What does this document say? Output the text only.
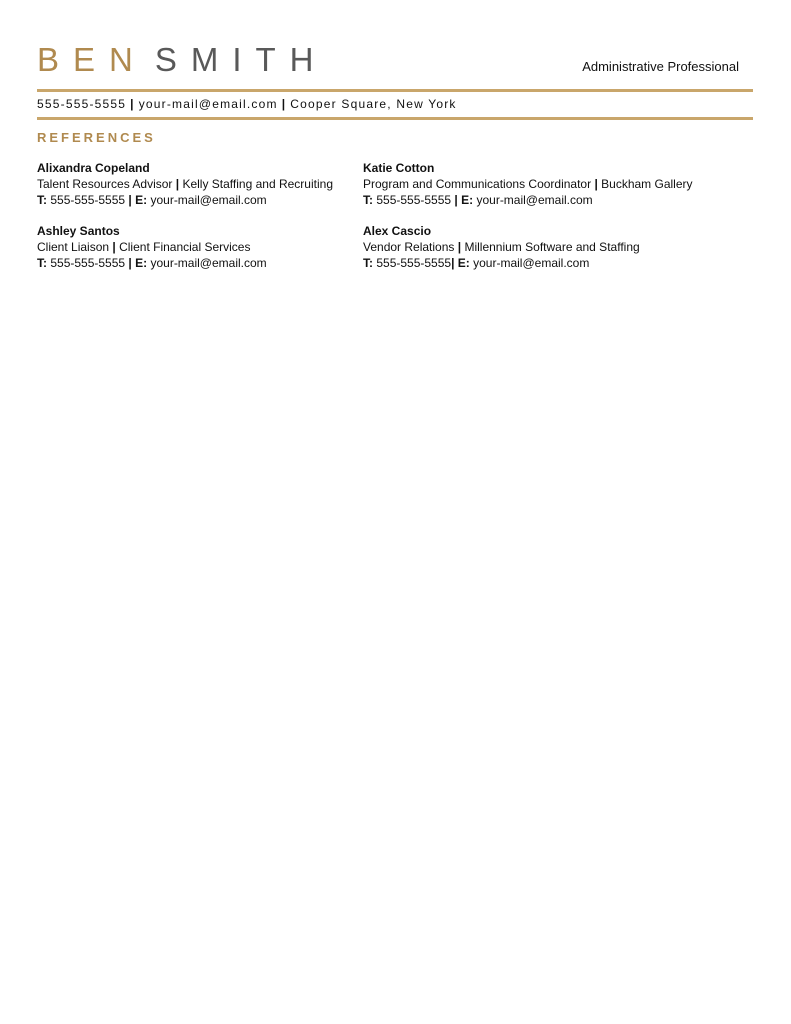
BEN SMITH	Administrative Professional
555-555-5555 | your-mail@email.com | Cooper Square, New York
REFERENCES
Alixandra Copeland
Talent Resources Advisor | Kelly Staffing and Recruiting
T: 555-555-5555 | E: your-mail@email.com
Katie Cotton
Program and Communications Coordinator | Buckham Gallery
T: 555-555-5555 | E: your-mail@email.com
Ashley Santos
Client Liaison | Client Financial Services
T: 555-555-5555 | E: your-mail@email.com
Alex Cascio
Vendor Relations | Millennium Software and Staffing
T: 555-555-5555| E: your-mail@email.com
